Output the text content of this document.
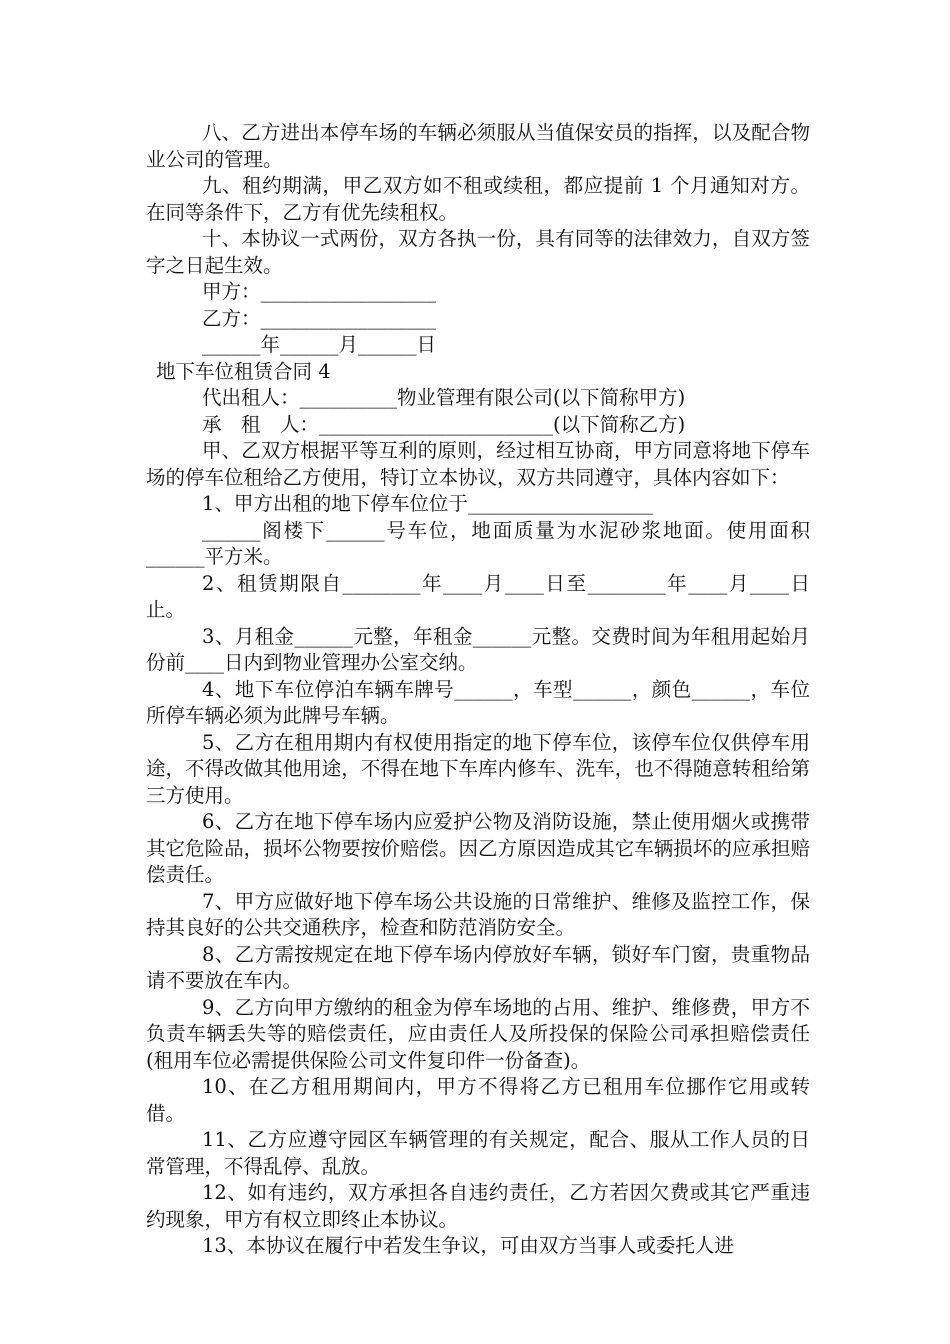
八、乙方进出本停车场的车辆必须服从当值保安员的指挥，以及配合物业公司的管理。

九、租约期满，甲乙双方如不租或续租，都应提前 1 个月通知对方。在同等条件下，乙方有优先续租权。

十、本协议一式两份，双方各执一份，具有同等的法律效力，自双方签字之日起生效。

甲方：__________________

乙方：__________________

______年______月______日

地下车位租赁合同 4

代出租人：__________物业管理有限公司(以下简称甲方)

承　租　人：________________________(以下简称乙方)

甲、乙双方根据平等互利的原则，经过相互协商，甲方同意将地下停车场的停车位租给乙方使用，特订立本协议，双方共同遵守，具体内容如下：

1、甲方出租的地下停车位位于___________________

______阁楼下______号车位，地面质量为水泥砂浆地面。使用面积______平方米。

2、租赁期限自________年____月____日至________年____月____日止。

3、月租金______元整，年租金______元整。交费时间为年租用起始月份前____日内到物业管理办公室交纳。

4、地下车位停泊车辆车牌号______，车型______，颜色______，车位所停车辆必须为此牌号车辆。

5、乙方在租用期内有权使用指定的地下停车位，该停车位仅供停车用途，不得改做其他用途，不得在地下车库内修车、洗车，也不得随意转租给第三方使用。

6、乙方在地下停车场内应爱护公物及消防设施，禁止使用烟火或携带其它危险品，损坏公物要按价赔偿。因乙方原因造成其它车辆损坏的应承担赔偿责任。

7、甲方应做好地下停车场公共设施的日常维护、维修及监控工作，保持其良好的公共交通秩序，检查和防范消防安全。

8、乙方需按规定在地下停车场内停放好车辆，锁好车门窗，贵重物品请不要放在车内。

9、乙方向甲方缴纳的租金为停车场地的占用、维护、维修费，甲方不负责车辆丢失等的赔偿责任，应由责任人及所投保的保险公司承担赔偿责任(租用车位必需提供保险公司文件复印件一份备查)。

10、在乙方租用期间内，甲方不得将乙方已租用车位挪作它用或转借。

11、乙方应遵守园区车辆管理的有关规定，配合、服从工作人员的日常管理，不得乱停、乱放。

12、如有违约，双方承担各自违约责任，乙方若因欠费或其它严重违约现象，甲方有权立即终止本协议。

13、本协议在履行中若发生争议，可由双方当事人或委托人进
